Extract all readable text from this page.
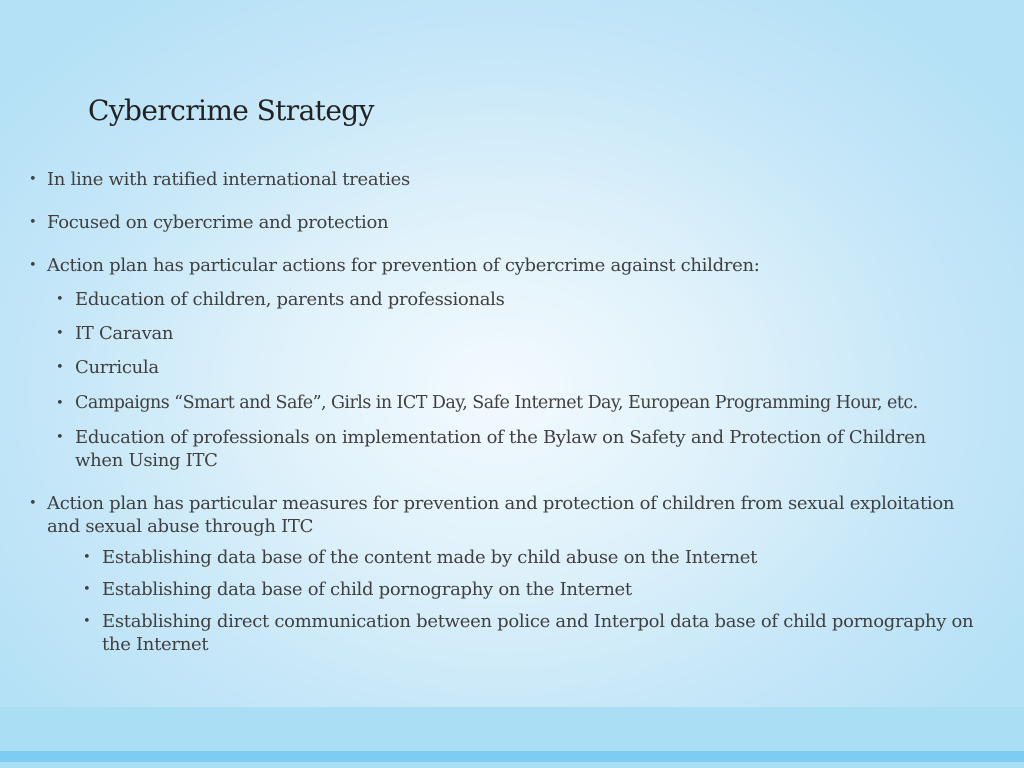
Cybercrime Strategy
• In line with ratified international treaties
• Focused on cybercrime and protection
• Action plan has particular actions for prevention of cybercrime against children:
• Education of children, parents and professionals
• IT Caravan
• Curricula
• Campaigns “Smart and Safe”, Girls in ICT Day, Safe Internet Day, European Programming Hour, etc.
• Education of professionals on implementation of the Bylaw on Safety and Protection of Children when Using ITC
• Action plan has particular measures for prevention and protection of children from sexual exploitation and sexual abuse through ITC
• Establishing data base of the content made by child abuse on the Internet
• Establishing data base of child pornography on the Internet
• Establishing direct communication between police and Interpol data base of child pornography on the Internet
